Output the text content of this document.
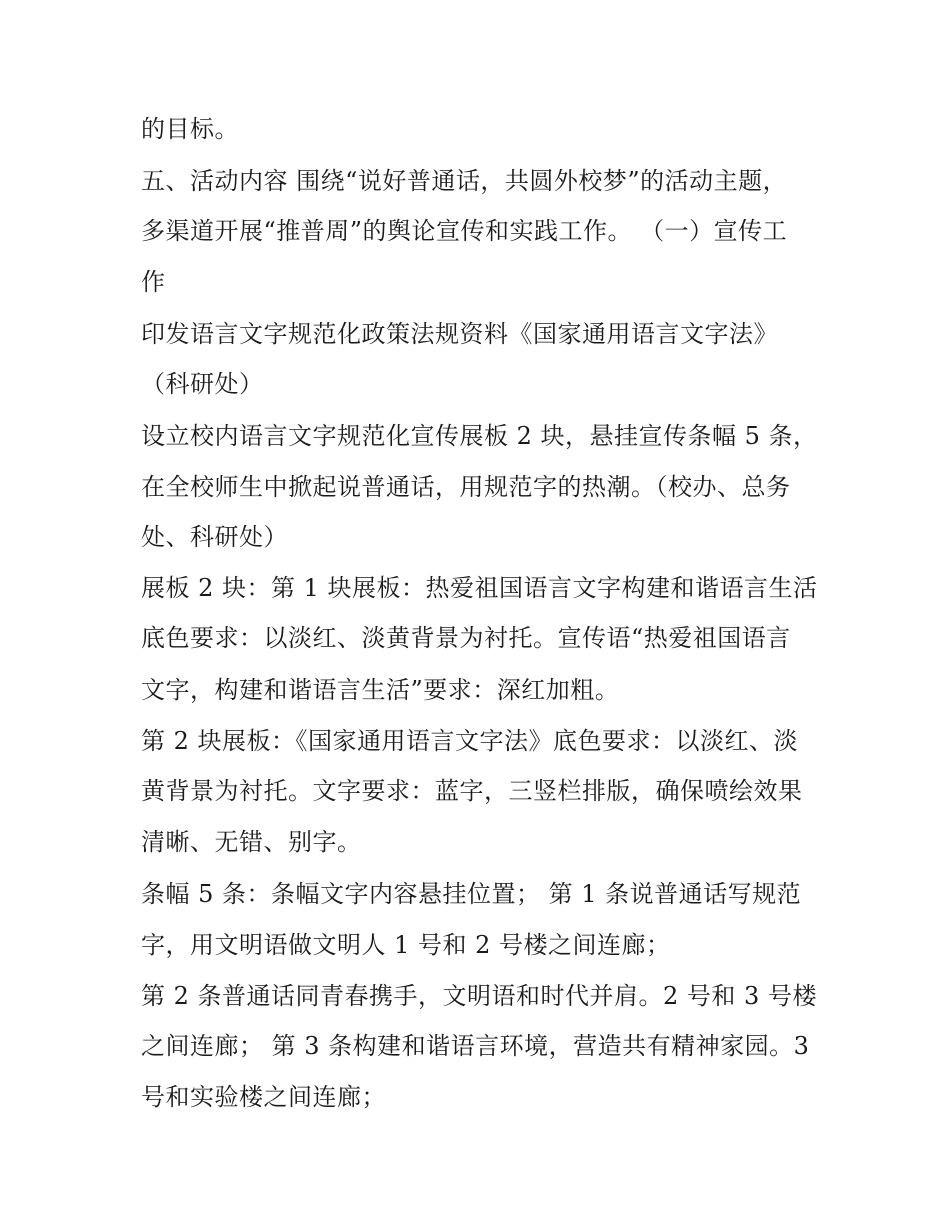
的目标。
五、活动内容 围绕“说好普通话，共圆外校梦”的活动主题，
多渠道开展“推普周”的舆论宣传和实践工作。 （一）宣传工
作
印发语言文字规范化政策法规资料《国家通用语言文字法》
（科研处）
设立校内语言文字规范化宣传展板 2 块，悬挂宣传条幅 5 条，
在全校师生中掀起说普通话，用规范字的热潮。（校办、总务
处、科研处）
展板 2 块：第 1 块展板：热爱祖国语言文字构建和谐语言生活
底色要求：以淡红、淡黄背景为衬托。宣传语“热爱祖国语言
文字，构建和谐语言生活”要求：深红加粗。
第 2 块展板：《国家通用语言文字法》底色要求：以淡红、淡
黄背景为衬托。文字要求：蓝字，三竖栏排版，确保喷绘效果
清晰、无错、别字。
条幅 5 条：条幅文字内容悬挂位置； 第 1 条说普通话写规范
字，用文明语做文明人 1 号和 2 号楼之间连廊；
第 2 条普通话同青春携手，文明语和时代并肩。2 号和 3 号楼
之间连廊； 第 3 条构建和谐语言环境，营造共有精神家园。3
号和实验楼之间连廊；
